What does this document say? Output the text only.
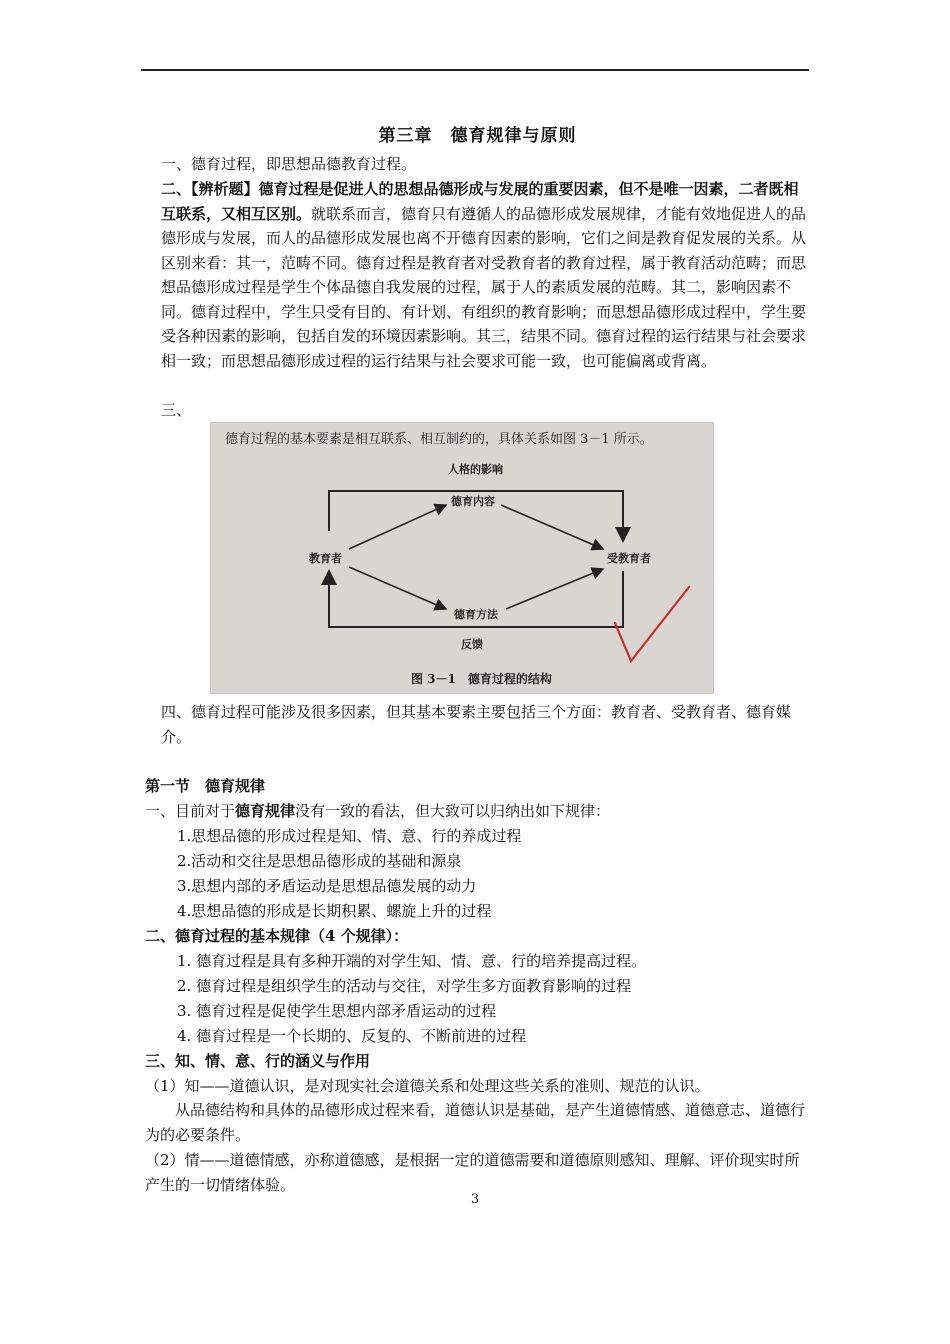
第三章　德育规律与原则
一、德育过程，即思想品德教育过程。
二、【辨析题】德育过程是促进人的思想品德形成与发展的重要因素，但不是唯一因素，二者既相互联系，又相互区别。就联系而言，德育只有遵循人的品德形成发展规律，才能有效地促进人的品德形成与发展，而人的品德形成发展也离不开德育因素的影响，它们之间是教育促发展的关系。从区别来看：其一，范畴不同。德育过程是教育者对受教育者的教育过程，属于教育活动范畴；而思想品德形成过程是学生个体品德自我发展的过程，属于人的素质发展的范畴。其二，影响因素不同。德育过程中，学生只受有目的、有计划、有组织的教育影响；而思想品德形成过程中，学生要受各种因素的影响，包括自发的环境因素影响。其三，结果不同。德育过程的运行结果与社会要求相一致；而思想品德形成过程的运行结果与社会要求可能一致，也可能偏离或背离。
三、
四、德育过程可能涉及很多因素，但其基本要素主要包括三个方面：教育者、受教育者、德育媒介。
第一节　德育规律
一、目前对于德育规律没有一致的看法，但大致可以归纳出如下规律：
1.思想品德的形成过程是知、情、意、行的养成过程
2.活动和交往是思想品德形成的基础和源泉
3.思想内部的矛盾运动是思想品德发展的动力
4.思想品德的形成是长期积累、螺旋上升的过程
二、德育过程的基本规律（4 个规律）：
1. 德育过程是具有多种开端的对学生知、情、意、行的培养提高过程。
2. 德育过程是组织学生的活动与交往，对学生多方面教育影响的过程
3. 德育过程是促使学生思想内部矛盾运动的过程
4. 德育过程是一个长期的、反复的、不断前进的过程
三、知、情、意、行的涵义与作用
（1）知——道德认识，是对现实社会道德关系和处理这些关系的准则、规范的认识。
从品德结构和具体的品德形成过程来看，道德认识是基础，是产生道德情感、道德意志、道德行为的必要条件。
（2）情——道德情感，亦称道德感，是根据一定的道德需要和道德原则感知、理解、评价现实时所产生的一切情绪体验。
德育过程的基本要素是相互联系、相互制约的，具体关系如图 3－1 所示。
人格的影响
德育内容
教育者	受教育者
德育方法
反馈
图 3－1　德育过程的结构
3
